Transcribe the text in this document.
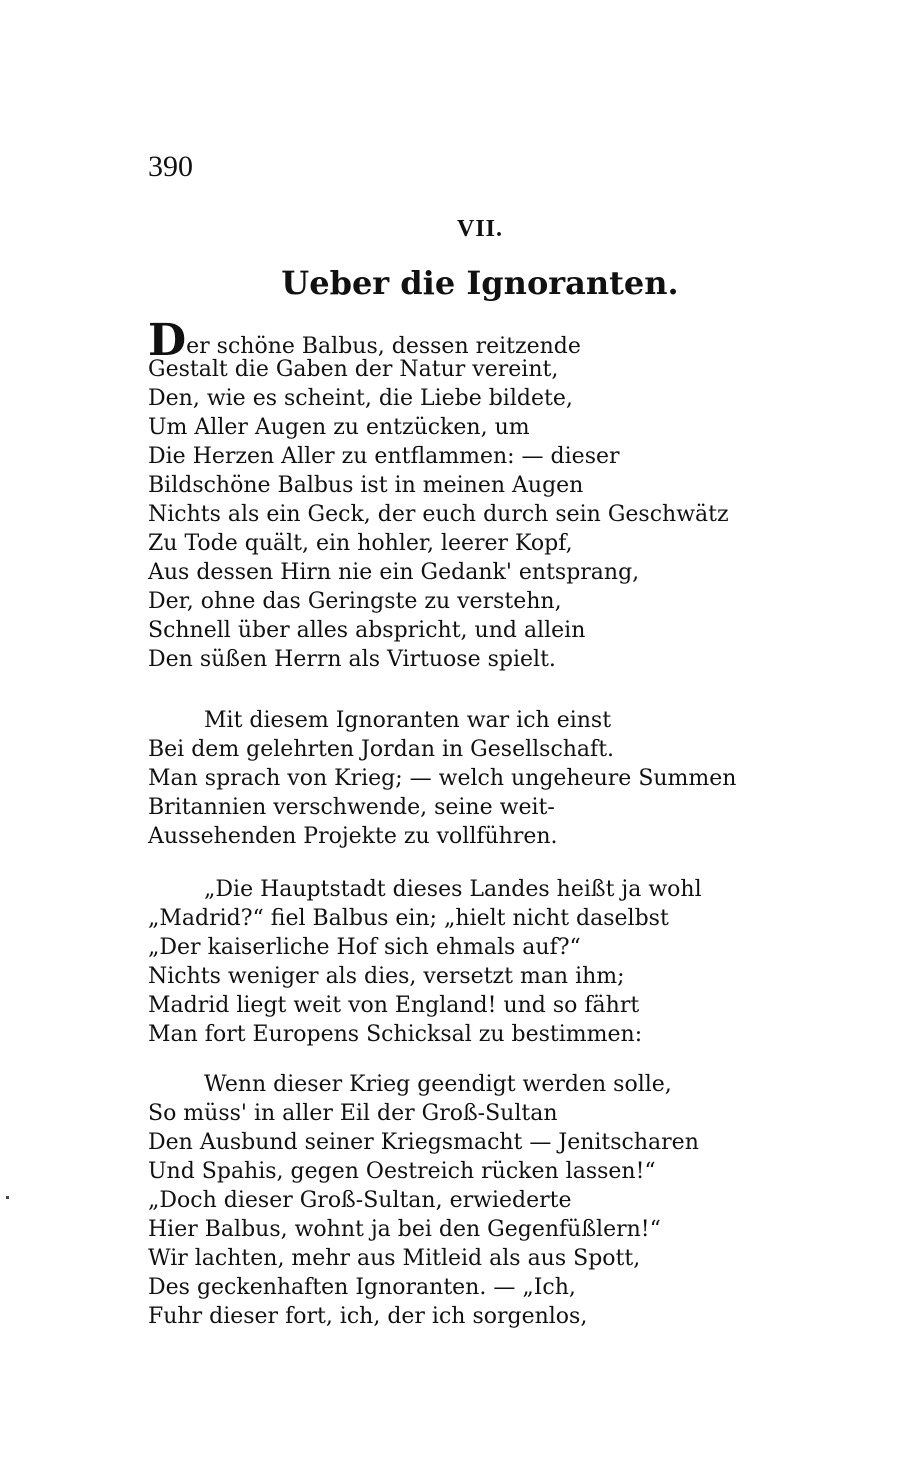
390
VII.
Ueber die Ignoranten.
Der schöne Balbus, dessen reitzende
Gestalt die Gaben der Natur vereint,
Den, wie es scheint, die Liebe bildete,
Um Aller Augen zu entzücken, um
Die Herzen Aller zu entflammen: — dieser
Bildschöne Balbus ist in meinen Augen
Nichts als ein Geck, der euch durch sein Geschwätz
Zu Tode quält, ein hohler, leerer Kopf,
Aus dessen Hirn nie ein Gedank' entsprang,
Der, ohne das Geringste zu verstehn,
Schnell über alles abspricht, und allein
Den süßen Herrn als Virtuose spielt.
Mit diesem Ignoranten war ich einst
Bei dem gelehrten Jordan in Gesellschaft.
Man sprach von Krieg; — welch ungeheure Summen
Britannien verschwende, seine weit-
Aussehenden Projekte zu vollführen.
„Die Hauptstadt dieses Landes heißt ja wohl
„Madrid?“ fiel Balbus ein; „hielt nicht daselbst
„Der kaiserliche Hof sich ehmals auf?“
Nichts weniger als dies, versetzt man ihm;
Madrid liegt weit von England! und so fährt
Man fort Europens Schicksal zu bestimmen:
Wenn dieser Krieg geendigt werden solle,
So müss' in aller Eil der Groß-Sultan
Den Ausbund seiner Kriegsmacht — Jenitscharen
Und Spahis, gegen Oestreich rücken lassen!“
„Doch dieser Groß-Sultan, erwiederte
Hier Balbus, wohnt ja bei den Gegenfüßlern!“
Wir lachten, mehr aus Mitleid als aus Spott,
Des geckenhaften Ignoranten. — „Ich,
Fuhr dieser fort, ich, der ich sorgenlos,
